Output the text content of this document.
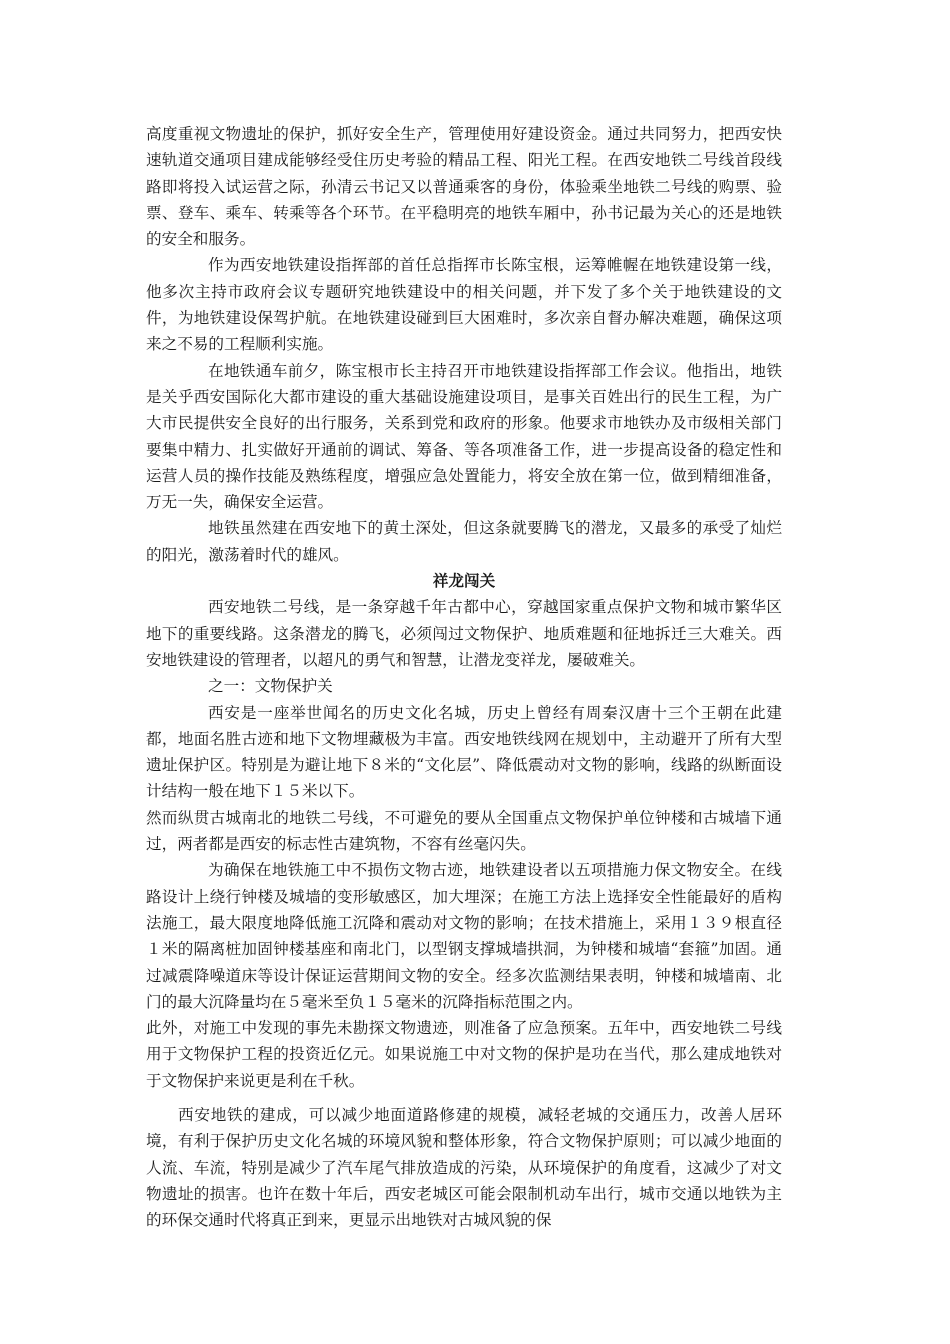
高度重视文物遗址的保护，抓好安全生产，管理使用好建设资金。通过共同努力，把西安快速轨道交通项目建成能够经受住历史考验的精品工程、阳光工程。在西安地铁二号线首段线路即将投入试运营之际，孙清云书记又以普通乘客的身份，体验乘坐地铁二号线的购票、验票、登车、乘车、转乘等各个环节。在平稳明亮的地铁车厢中，孙书记最为关心的还是地铁的安全和服务。

作为西安地铁建设指挥部的首任总指挥市长陈宝根，运筹帷幄在地铁建设第一线，他多次主持市政府会议专题研究地铁建设中的相关问题，并下发了多个关于地铁建设的文件，为地铁建设保驾护航。在地铁建设碰到巨大困难时，多次亲自督办解决难题，确保这项来之不易的工程顺利实施。

在地铁通车前夕，陈宝根市长主持召开市地铁建设指挥部工作会议。他指出，地铁是关乎西安国际化大都市建设的重大基础设施建设项目，是事关百姓出行的民生工程，为广大市民提供安全良好的出行服务，关系到党和政府的形象。他要求市地铁办及市级相关部门要集中精力、扎实做好开通前的调试、筹备、等各项准备工作，进一步提高设备的稳定性和运营人员的操作技能及熟练程度，增强应急处置能力，将安全放在第一位，做到精细准备，万无一失，确保安全运营。

地铁虽然建在西安地下的黄土深处，但这条就要腾飞的潜龙，又最多的承受了灿烂的阳光，激荡着时代的雄风。

祥龙闯关

西安地铁二号线，是一条穿越千年古都中心，穿越国家重点保护文物和城市繁华区地下的重要线路。这条潜龙的腾飞，必须闯过文物保护、地质难题和征地拆迁三大难关。西安地铁建设的管理者，以超凡的勇气和智慧，让潜龙变祥龙，屡破难关。

之一：文物保护关

西安是一座举世闻名的历史文化名城，历史上曾经有周秦汉唐十三个王朝在此建都，地面名胜古迹和地下文物埋藏极为丰富。西安地铁线网在规划中，主动避开了所有大型遗址保护区。特别是为避让地下８米的“文化层”、降低震动对文物的影响，线路的纵断面设计结构一般在地下１５米以下。

然而纵贯古城南北的地铁二号线，不可避免的要从全国重点文物保护单位钟楼和古城墙下通过，两者都是西安的标志性古建筑物，不容有丝毫闪失。

为确保在地铁施工中不损伤文物古迹，地铁建设者以五项措施力保文物安全。在线路设计上绕行钟楼及城墙的变形敏感区，加大埋深；在施工方法上选择安全性能最好的盾构法施工，最大限度地降低施工沉降和震动对文物的影响；在技术措施上，采用１３９根直径１米的隔离桩加固钟楼基座和南北门，以型钢支撑城墙拱洞，为钟楼和城墙“套箍”加固。通过减震降噪道床等设计保证运营期间文物的安全。经多次监测结果表明，钟楼和城墙南、北门的最大沉降量均在５毫米至负１５毫米的沉降指标范围之内。

此外，对施工中发现的事先未勘探文物遗迹，则准备了应急预案。五年中，西安地铁二号线用于文物保护工程的投资近亿元。如果说施工中对文物的保护是功在当代，那么建成地铁对于文物保护来说更是利在千秋。

西安地铁的建成，可以减少地面道路修建的规模，减轻老城的交通压力，改善人居环境，有利于保护历史文化名城的环境风貌和整体形象，符合文物保护原则；可以减少地面的人流、车流，特别是减少了汽车尾气排放造成的污染，从环境保护的角度看，这减少了对文物遗址的损害。也许在数十年后，西安老城区可能会限制机动车出行，城市交通以地铁为主的环保交通时代将真正到来，更显示出地铁对古城风貌的保
